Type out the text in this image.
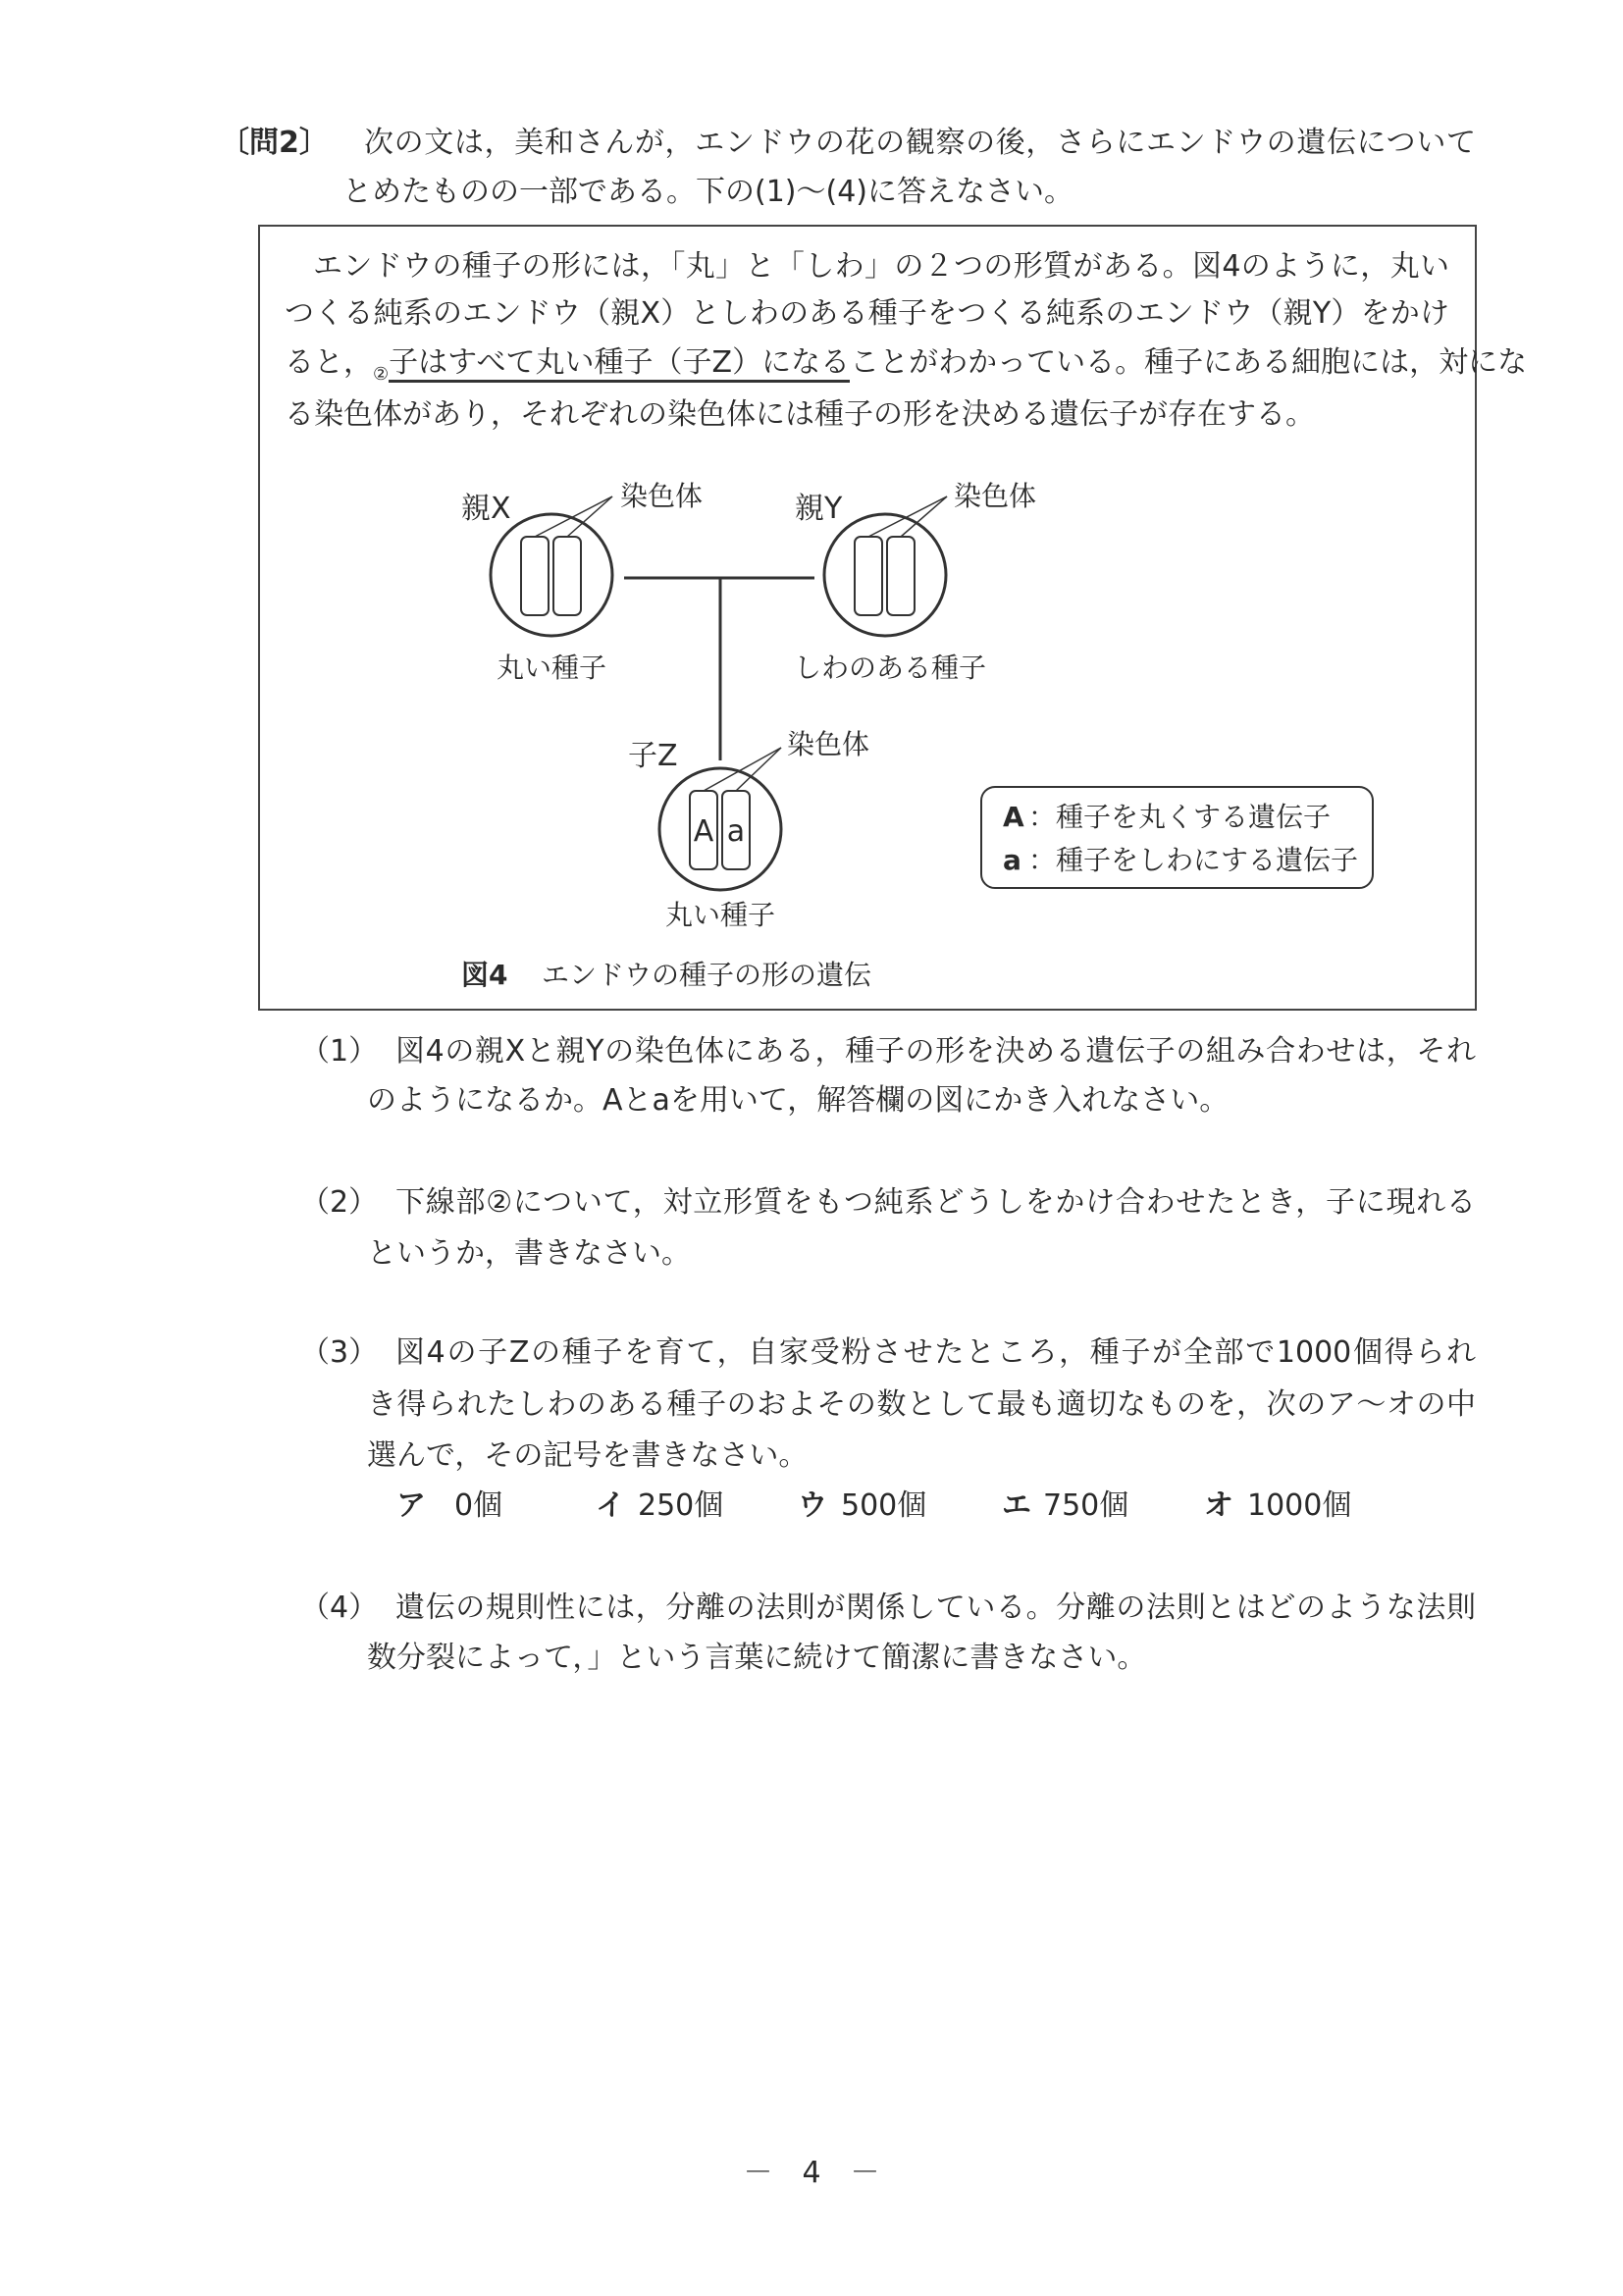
〔問2〕 次の文は，美和さんが，エンドウの花の観察の後，さらにエンドウの遺伝について
とめたものの一部である。下の(1)～(4)に答えなさい。
エンドウの種子の形には，「丸」と「しわ」の２つの形質がある。図4のように，丸い
つくる純系のエンドウ（親X）としわのある種子をつくる純系のエンドウ（親Y）をかけ
ると，$_②$子はすべて丸い種子（子Z）になることがわかっている。種子にある細胞には，対にな
る染色体があり，それぞれの染色体には種子の形を決める遺伝子が存在する。
親X	染色体	親Y	染色体
丸い種子	しわのある種子
子Z	染色体
A a
丸い種子
A ：種子を丸くする遺伝子
a ：種子をしわにする遺伝子
図4 エンドウの種子の形の遺伝
（1） 図4の親Xと親Yの染色体にある，種子の形を決める遺伝子の組み合わせは，それ
のようになるか。Aとaを用いて，解答欄の図にかき入れなさい。
（2） 下線部②について，対立形質をもつ純系どうしをかけ合わせたとき，子に現れる
というか，書きなさい。
（3） 図4の子Zの種子を育て，自家受粉させたところ，種子が全部で1000個得られ
き得られたしわのある種子のおよその数として最も適切なものを，次のア～オの中
選んで，その記号を書きなさい。
ア 0個	イ 250個	ウ 500個	エ 750個	オ 1000個
（4） 遺伝の規則性には，分離の法則が関係している。分離の法則とはどのような法則
数分裂によって，」という言葉に続けて簡潔に書きなさい。
－　4　－
